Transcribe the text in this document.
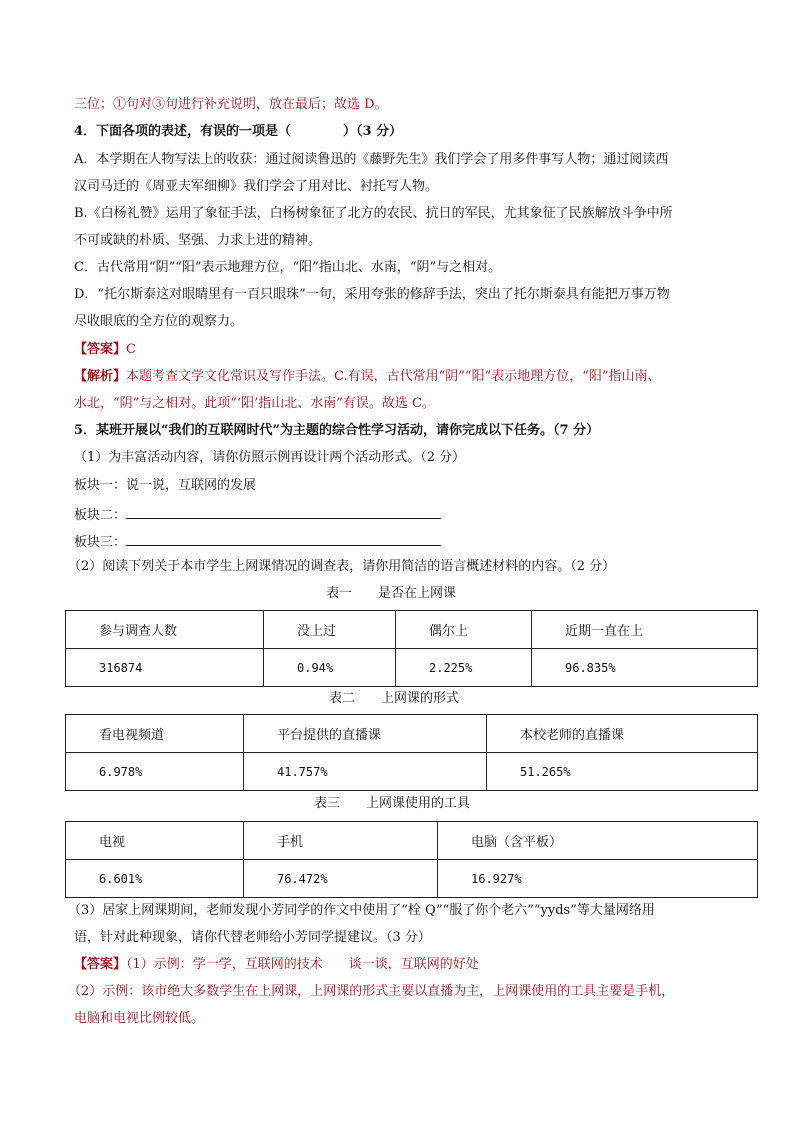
三位；①句对③句进行补充说明，放在最后；故选 D。
4．下面各项的表述，有误的一项是（　　　　）（3 分）
A．本学期在人物写法上的收获：通过阅读鲁迅的《藤野先生》我们学会了用多件事写人物；通过阅读西
汉司马迁的《周亚夫军细柳》我们学会了用对比、衬托写人物。
B.《白杨礼赞》运用了象征手法，白杨树象征了北方的农民、抗日的军民，尤其象征了民族解放斗争中所
不可或缺的朴质、坚强、力求上进的精神。
C．古代常用“阴”“阳”表示地理方位，“阳”指山北、水南，“阴”与之相对。
D．“托尔斯泰这对眼睛里有一百只眼珠”一句，采用夸张的修辞手法，突出了托尔斯泰具有能把万事万物
尽收眼底的全方位的观察力。
【答案】C
【解析】本题考查文学文化常识及写作手法。C.有误，古代常用“阴”“阳”表示地理方位，“阳”指山南、
水北，“阴”与之相对。此项“‘阳’指山北、水南”有误。故选 C。
5．某班开展以“我们的互联网时代”为主题的综合性学习活动，请你完成以下任务。（7 分）
（1）为丰富活动内容，请你仿照示例再设计两个活动形式。（2 分）
板块一：说一说，互联网的发展
板块二：
板块三：
（2）阅读下列关于本市学生上网课情况的调查表，请你用简洁的语言概述材料的内容。（2 分）
表一　　是否在上网课
参与调查人数	没上过	偶尔上	近期一直在上
316874	0.94%	2.225%	96.835%
表二　　上网课的形式
看电视频道	平台提供的直播课	本校老师的直播课
6.978%	41.757%	51.265%
表三　　上网课使用的工具
电视	手机	电脑（含平板）
6.601%	76.472%	16.927%
（3）居家上网课期间，老师发现小芳同学的作文中使用了“栓 Q”“服了你个老六”“yyds”等大量网络用
语，针对此种现象，请你代替老师给小芳同学提建议。（3 分）
【答案】（1）示例：学一学，互联网的技术　　谈一谈，互联网的好处
（2）示例：该市绝大多数学生在上网课，上网课的形式主要以直播为主，上网课使用的工具主要是手机，
电脑和电视比例较低。
